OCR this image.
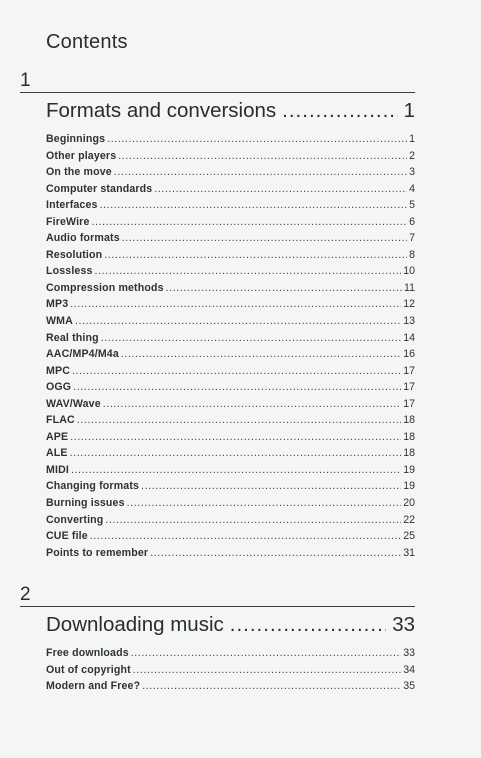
Contents
1
Formats and conversions .....	1
Beginnings .....	1
Other players .....	2
On the move .....	3
Computer standards .....	4
Interfaces .....	5
FireWire .....	6
Audio formats .....	7
Resolution .....	8
Lossless .....	10
Compression methods .....	11
MP3 .....	12
WMA .....	13
Real thing .....	14
AAC/MP4/M4a .....	16
MPC .....	17
OGG .....	17
WAV/Wave .....	17
FLAC .....	18
APE .....	18
ALE .....	18
MIDI .....	19
Changing formats .....	19
Burning issues .....	20
Converting .....	22
CUE file .....	25
Points to remember .....	31
2
Downloading music .....	33
Free downloads .....	33
Out of copyright .....	34
Modern and Free? .....	35
